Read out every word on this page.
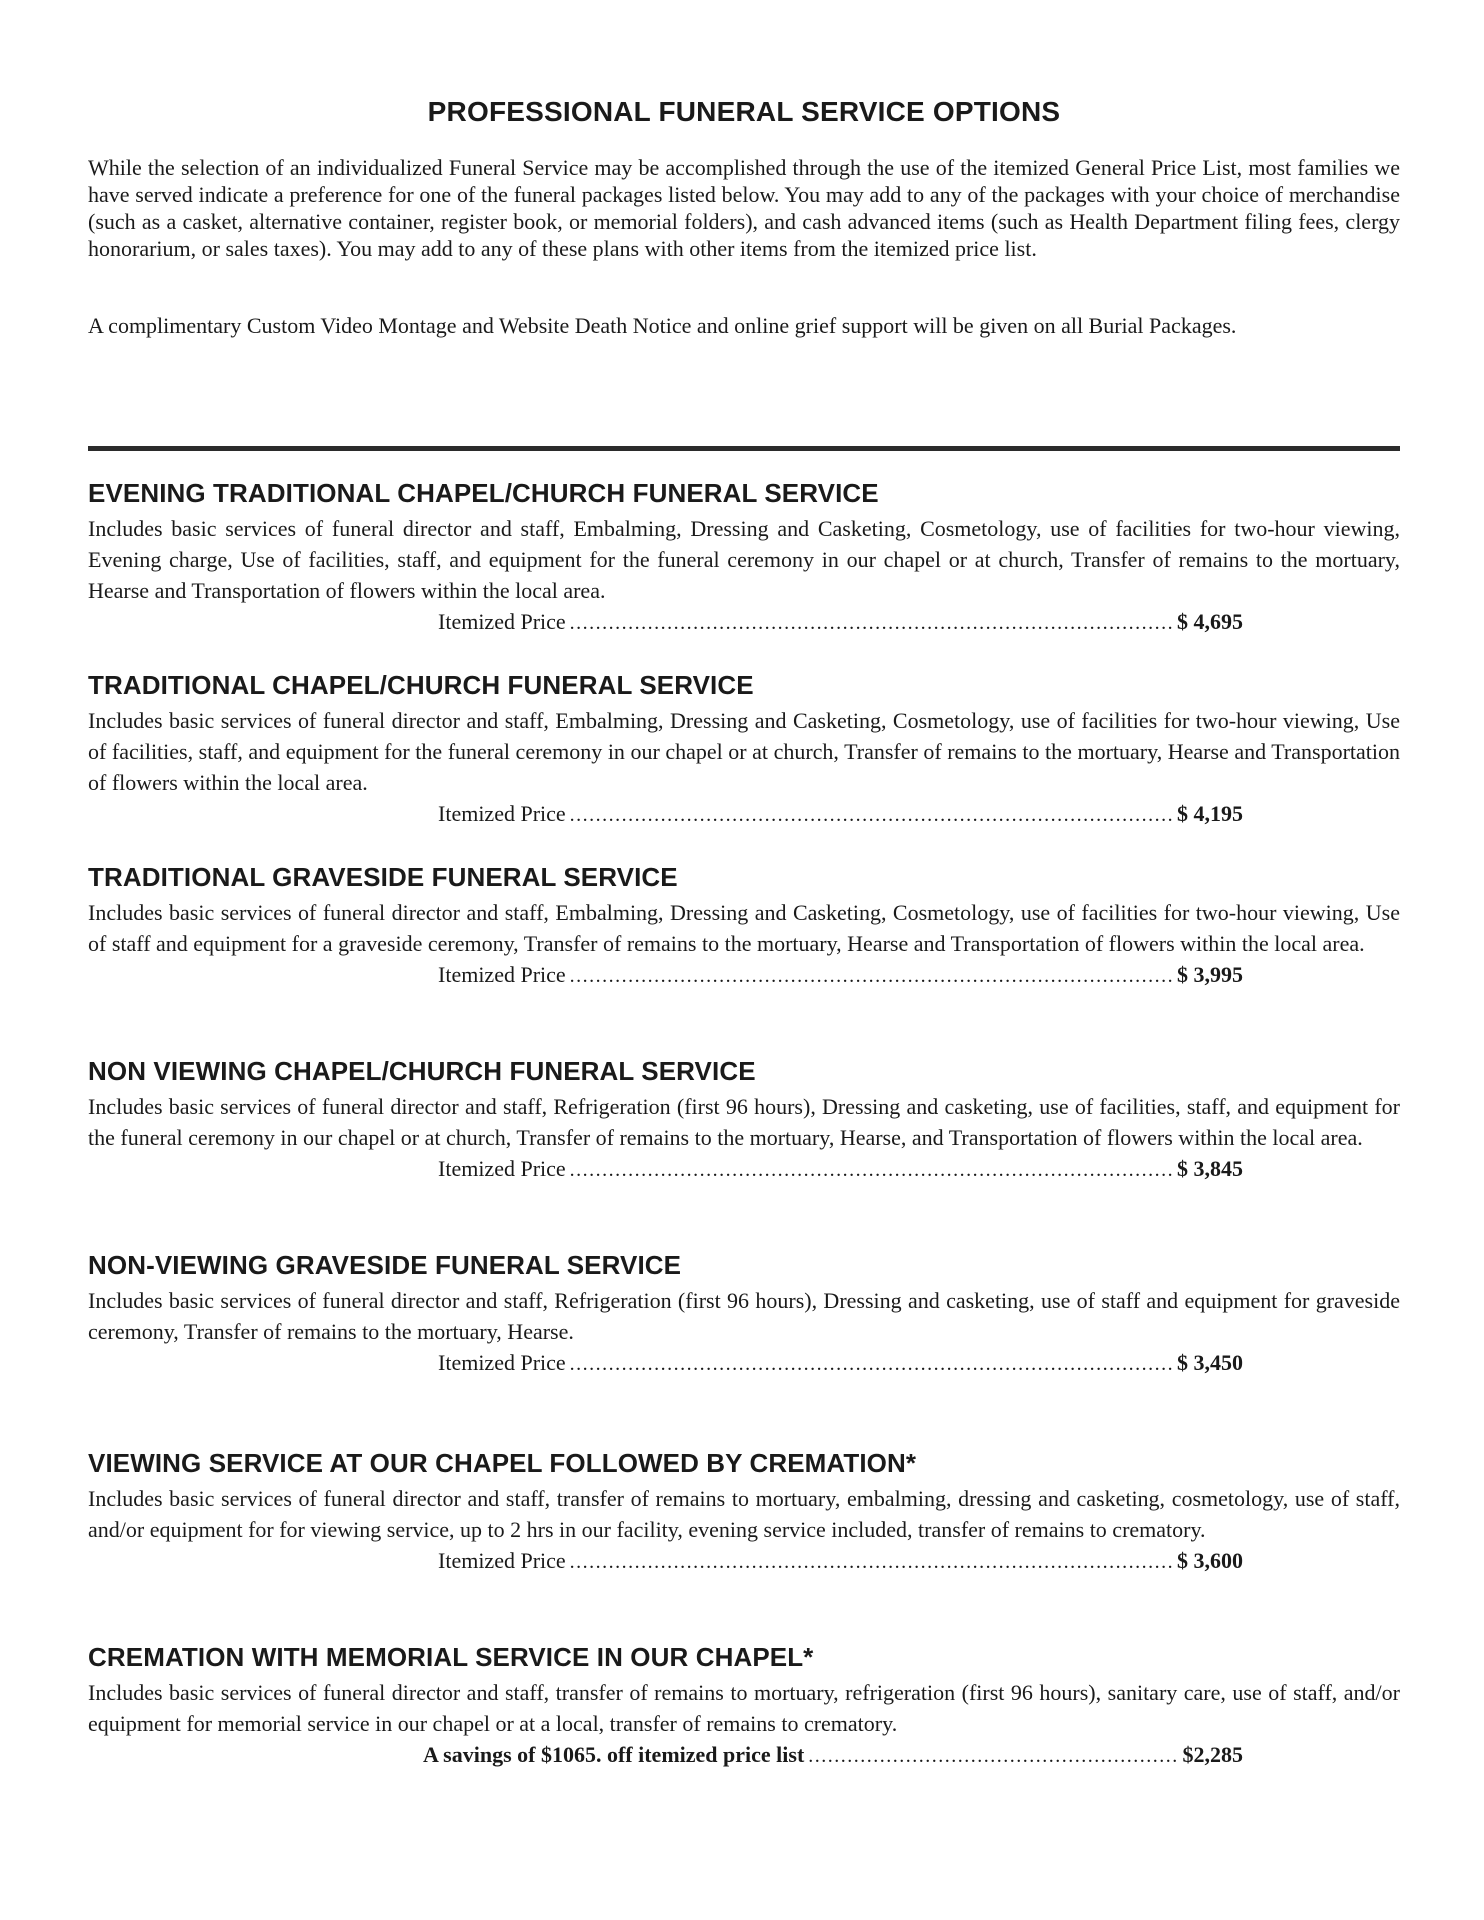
PROFESSIONAL FUNERAL SERVICE OPTIONS

While the selection of an individualized Funeral Service may be accomplished through the use of the itemized General Price List, most families we have served indicate a preference for one of the funeral packages listed below. You may add to any of the packages with your choice of merchandise (such as a casket, alternative container, register book, or memorial folders), and cash advanced items (such as Health Department filing fees, clergy honorarium, or sales taxes). You may add to any of these plans with other items from the itemized price list.

A complimentary Custom Video Montage and Website Death Notice and online grief support will be given on all Burial Packages.

EVENING TRADITIONAL CHAPEL/CHURCH FUNERAL SERVICE

Includes basic services of funeral director and staff, Embalming, Dressing and Casketing, Cosmetology, use of facilities for two-hour viewing, Evening charge, Use of facilities, staff, and equipment for the funeral ceremony in our chapel or at church, Transfer of remains to the mortuary, Hearse and Transportation of flowers within the local area.

Itemized Price .....	$ 4,695
TRADITIONAL CHAPEL/CHURCH FUNERAL SERVICE

Includes basic services of funeral director and staff, Embalming, Dressing and Casketing, Cosmetology, use of facilities for two-hour viewing, Use of facilities, staff, and equipment for the funeral ceremony in our chapel or at church, Transfer of remains to the mortuary, Hearse and Transportation of flowers within the local area.

Itemized Price .....	$ 4,195
TRADITIONAL GRAVESIDE FUNERAL SERVICE

Includes basic services of funeral director and staff, Embalming, Dressing and Casketing, Cosmetology, use of facilities for two-hour viewing, Use of staff and equipment for a graveside ceremony, Transfer of remains to the mortuary, Hearse and Transportation of flowers within the local area.

Itemized Price .....	$ 3,995
NON VIEWING CHAPEL/CHURCH FUNERAL SERVICE

Includes basic services of funeral director and staff, Refrigeration (first 96 hours), Dressing and casketing, use of facilities, staff, and equipment for the funeral ceremony in our chapel or at church, Transfer of remains to the mortuary, Hearse, and Transportation of flowers within the local area.

Itemized Price .....	$ 3,845
NON-VIEWING GRAVESIDE FUNERAL SERVICE

Includes basic services of funeral director and staff, Refrigeration (first 96 hours), Dressing and casketing, use of staff and equipment for graveside ceremony, Transfer of remains to the mortuary, Hearse.

Itemized Price .....	$ 3,450
VIEWING SERVICE AT OUR CHAPEL FOLLOWED BY CREMATION*

Includes basic services of funeral director and staff, transfer of remains to mortuary, embalming, dressing and casketing, cosmetology, use of staff, and/or equipment for for viewing service, up to 2 hrs in our facility, evening service included, transfer of remains to crematory.

Itemized Price .....	$ 3,600
CREMATION WITH MEMORIAL SERVICE IN OUR CHAPEL*

Includes basic services of funeral director and staff, transfer of remains to mortuary, refrigeration (first 96 hours), sanitary care, use of staff, and/or equipment for memorial service in our chapel or at a local, transfer of remains to crematory.

A savings of $1065. off itemized price list .....	$2,285
